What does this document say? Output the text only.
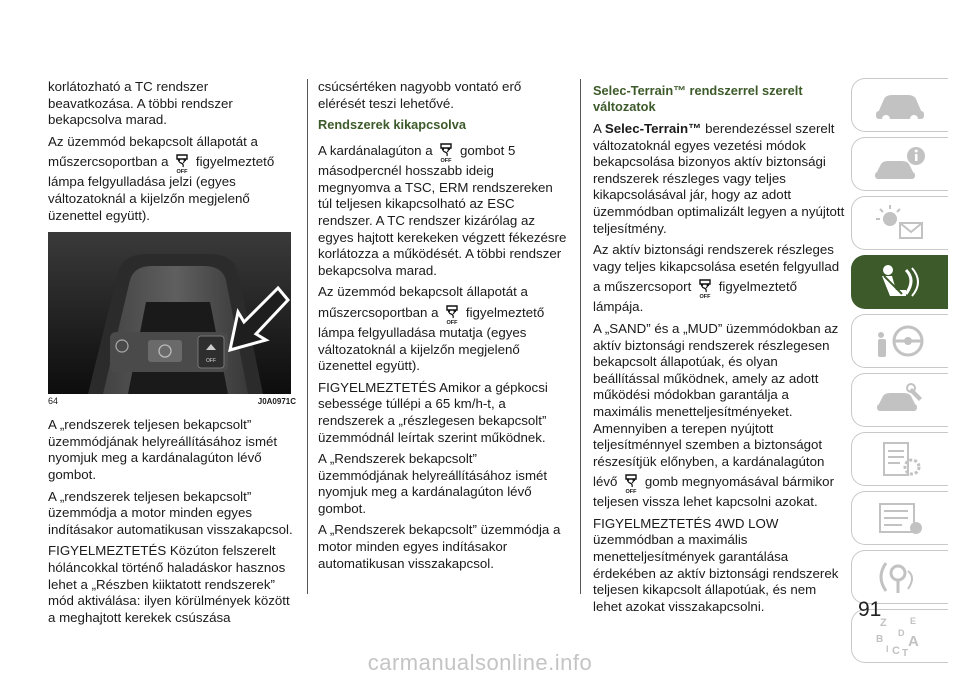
korlátozható a TC rendszer beavatkozása. A többi rendszer bekapcsolva marad.

Az üzemmód bekapcsolt állapotát a műszercsoportban a figyelmeztető lámpa felgyulladása jelzi (egyes változatoknál a kijelzőn megjelenő üzenettel együtt).

OFF
64	J0A0971C

A „rendszerek teljesen bekapcsolt” üzemmódjának helyreállításához ismét nyomjuk meg a kardánalagúton lévő gombot.

A „rendszerek teljesen bekapcsolt” üzemmódja a motor minden egyes indításakor automatikusan visszakapcsol.

FIGYELMEZTETÉS Közúton felszerelt hóláncokkal történő haladáskor hasznos lehet a „Részben kiiktatott rendszerek” mód aktiválása: ilyen körülmények között a meghajtott kerekek csúszása

csúcsértéken nagyobb vontató erő elérését teszi lehetővé.

Rendszerek kikapcsolva

A kardánalagúton a gombot 5 másodpercnél hosszabb ideig megnyomva a TSC, ERM rendszereken túl teljesen kikapcsolható az ESC rendszer. A TC rendszer kizárólag az egyes hajtott kerekeken végzett fékezésre korlátozza a működését. A többi rendszer bekapcsolva marad.

Az üzemmód bekapcsolt állapotát a műszercsoportban a figyelmeztető lámpa felgyulladása mutatja (egyes változatoknál a kijelzőn megjelenő üzenettel együtt).

FIGYELMEZTETÉS Amikor a gépkocsi sebessége túllépi a 65 km/h-t, a rendszerek a „részlegesen bekapcsolt” üzemmódnál leírtak szerint működnek.

A „Rendszerek bekapcsolt” üzemmódjának helyreállításához ismét nyomjuk meg a kardánalagúton lévő gombot.

A „Rendszerek bekapcsolt” üzemmódja a motor minden egyes indításakor automatikusan visszakapcsol.

Selec-Terrain™ rendszerrel szerelt változatok

A Selec-Terrain™ berendezéssel szerelt változatoknál egyes vezetési módok bekapcsolása bizonyos aktív biztonsági rendszerek részleges vagy teljes kikapcsolásával jár, hogy az adott üzemmódban optimalizált legyen a nyújtott teljesítmény.

Az aktív biztonsági rendszerek részleges vagy teljes kikapcsolása esetén felgyullad a műszercsoport figyelmeztető lámpája.

A „SAND” és a „MUD” üzemmódokban az aktív biztonsági rendszerek részlegesen bekapcsolt állapotúak, és olyan beállítással működnek, amely az adott működési módokban garantálja a maximális menetteljesítményeket. Amennyiben a terepen nyújtott teljesítménnyel szemben a biztonságot részesítjük előnyben, a kardánalagúton lévő gomb megnyomásával bármikor teljesen vissza lehet kapcsolni azokat.

FIGYELMEZTETÉS 4WD LOW üzemmódban a maximális menetteljesítmények garantálása érdekében az aktív biztonsági rendszerek teljesen kikapcsolt állapotúak, és nem lehet azokat visszakapcsolni.

Z	E
B
D A
I C T
91
carmanualsonline.info
